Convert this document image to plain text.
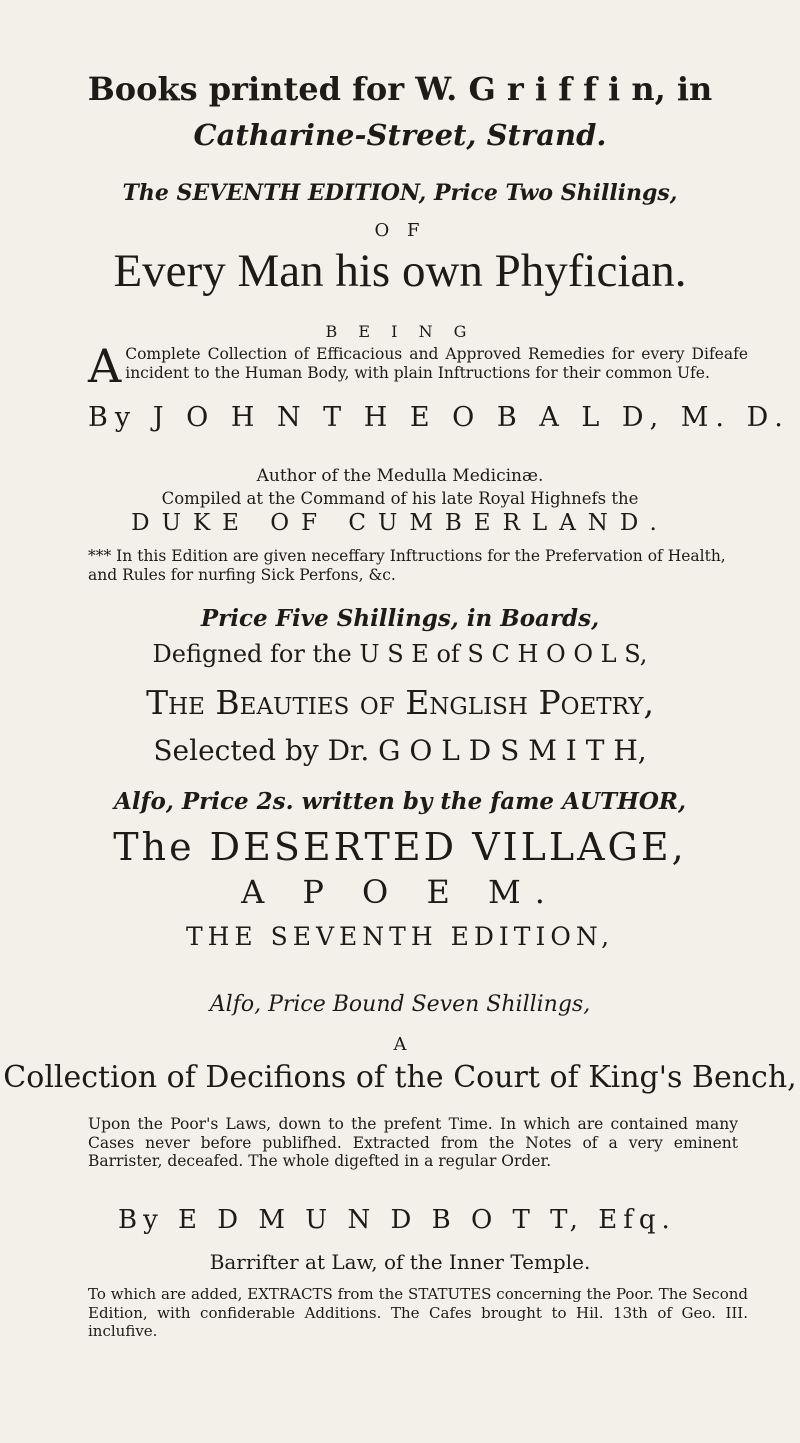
Books printed for W. G r i f f i n, in
Catharine-Street, Strand.
The SEVENTH EDITION, Price Two Shillings,
O F
Every Man his own Phyfician.
B E I N G
A Complete Collection of Efficacious and Approved Remedies for every Difeafe incident to the Human Body, with plain Inftructions for their common Ufe.
By J O H N T H E O B A L D, M. D.
Author of the Medulla Medicinæ.
Compiled at the Command of his late Royal Highnefs the
DUKE OF CUMBERLAND.
*** In this Edition are given neceffary Inftructions for the Prefervation of Health, and Rules for nurfing Sick Perfons, &c.
Price Five Shillings, in Boards,
Defigned for the U S E of S C H O O L S,
The Beauties of English Poetry,
Selected by Dr. G O L D S M I T H,
Alfo, Price 2s. written by the fame AUTHOR,
The DESERTED VILLAGE,
A P O E M.
THE SEVENTH EDITION,
Alfo, Price Bound Seven Shillings,
A
Collection of Decifions of the Court of King's Bench,
Upon the Poor's Laws, down to the prefent Time. In which are contained many Cases never before publifhed. Extracted from the Notes of a very eminent Barrister, deceafed. The whole digefted in a regular Order.
By E D M U N D B O T T, Efq.
Barrifter at Law, of the Inner Temple.
To which are added, EXTRACTS from the STATUTES concerning the Poor. The Second Edition, with confiderable Additions. The Cafes brought to Hil. 13th of Geo. III. inclufive.
